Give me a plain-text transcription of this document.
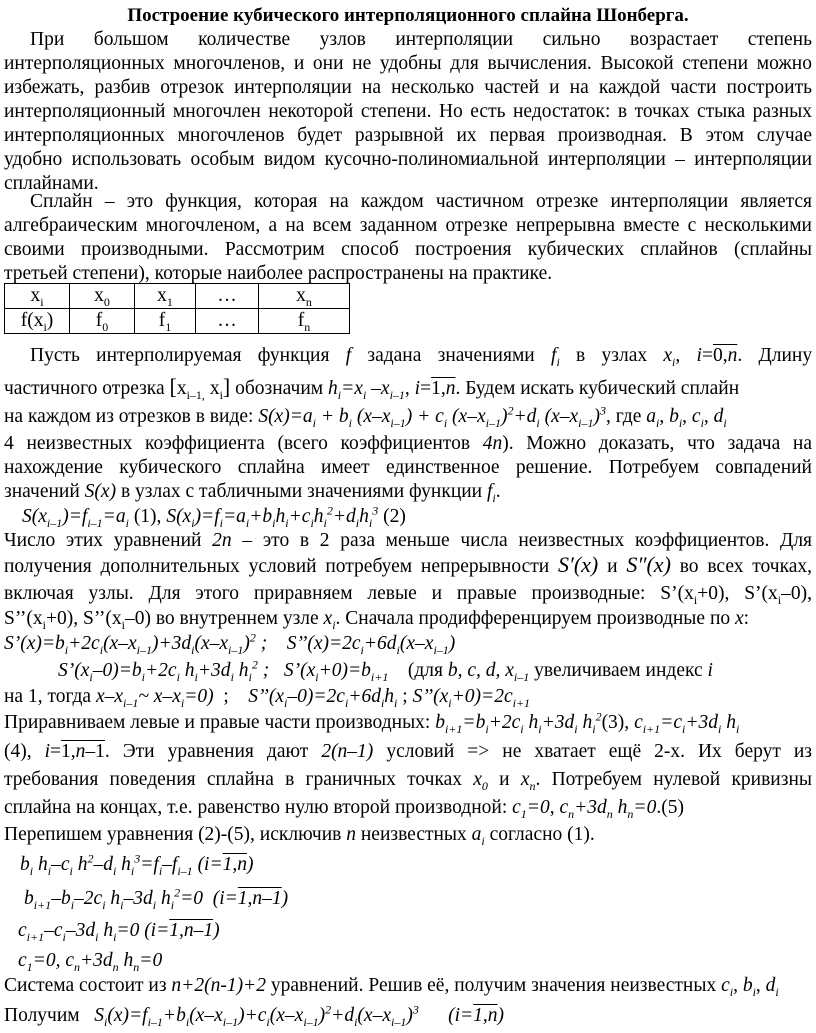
Построение кубического интерполяционного сплайна Шонберга.
При большом количестве узлов интерполяции сильно возрастает степень
интерполяционных многочленов, и они не удобны для вычисления. Высокой степени можно
избежать, разбив отрезок интерполяции на несколько частей и на каждой части построить
интерполяционный многочлен некоторой степени. Но есть недостаток: в точках стыка разных
интерполяционных многочленов будет разрывной их первая производная. В этом случае
удобно использовать особым видом кусочно-полиномиальной интерполяции – интерполяции
сплайнами.
Сплайн – это функция, которая на каждом частичном отрезке интерполяции является
алгебраическим многочленом, а на всем заданном отрезке непрерывна вместе с несколькими
своими производными. Рассмотрим способ построения кубических сплайнов (сплайны
третьей степени), которые наиболее распространены на практике.
$x_i$	$x_0$	$x_1$	…	$x_n$
$f(x_i)$	$f_0$	$f_1$	…	$f_n$
Пусть интерполируемая функция f задана значениями $f_i$ в узлах $x_i$, i=0,n. Длину
частичного отрезка [$x_{i-1,}$ $x_i$] обозначим $h_i=x_i$ $-x_{i-1}$, i=1,n. Будем искать кубический сплайн
на каждом из отрезков в виде: $S(x)=a_i + b_i$ $(x-x_{i-1}) + c_i$ $(x-x_{i-1})^2+d_i$ $(x-x_{i-1})^3$, где $a_i$, $b_i$, $c_i$, $d_i$
4 неизвестных коэффициента (всего коэффициентов 4n). Можно доказать, что задача на
нахождение кубического сплайна имеет единственное решение. Потребуем совпадений
значений S(x) в узлах с табличными значениями функции $f_i$.
$S(x_{i-1})=f_{i-1}=a_i$ (1), $S(x_i)=f_i=a_i+b_ih_i+c_ih_i^2+d_ih_i^3$ (2)
Число этих уравнений 2n – это в 2 раза меньше числа неизвестных коэффициентов. Для
получения дополнительных условий потребуем непрерывности S′(x) и S″(x) во всех точках,
включая узлы. Для этого приравняем левые и правые производные: $S’(x_i+0)$, $S’(x_i-0)$,
$S’’(x_i+0)$, $S’’(x_i-0)$ во внутреннем узле $x_i$. Сначала продифференцируем производные по x:
$S’(x)=b_i+2c_i(x-x_{i-1})+3d_i(x-x_{i-1})^2$ ;    $S’’(x)=2c_i+6d_i(x-x_{i-1})$
$S’(x_i-0)=b_i+2c_i$ $h_i+3d_i$ $h_i^2$ ;   $S’(x_i+0)=b_{i+1}$ (для b, c, d, $x_{i-1}$ увеличиваем индекс i
на 1, тогда $x-x_{i-1}\sim$ $x-x_i=0$)  ;    $S’’(x_i-0)=2c_i+6d_ih_i$ ; $S’’(x_i+0)=2c_{i+1}$
Приравниваем левые и правые части производных: $b_{i+1}=b_i+2c_i$ $h_i+3d_i$ $h_i^2(3)$, $c_{i+1}=c_i+3d_i$ $h_i$
(4), i=1,n–1. Эти уравнения дают 2(n–1) условий => не хватает ещё 2-х. Их берут из
требования поведения сплайна в граничных точках $x_0$ и $x_n$. Потребуем нулевой кривизны
сплайна на концах, т.е. равенство нулю второй производной: $c_1=0$, $c_n+3d_n$ $h_n=0.(5)$
Перепишем уравнения (2)-(5), исключив n неизвестных $a_i$ согласно (1).
$b_i$ $h_i-c_i$ $h^2-d_i$ $h_i^3=f_i-f_{i-1}$ (i=1,n)
$b_{i+1}-b_i-2c_i$ $h_i-3d_i$ $h_i^2=0$  (i=1,n–1)
$c_{i+1}-c_i-3d_i$ $h_i=0$ (i=1,n–1)
$c_1=0$, $c_n+3d_n$ $h_n=0$
Система состоит из n+2(n-1)+2 уравнений. Решив её, получим значения неизвестных $c_i$, $b_i$, $d_i$
Получим $S_i(x)=f_{i-1}+b_i(x-x_{i-1})+c_i(x-x_{i-1})^2+d_i(x-x_{i-1})^3$ (i=1,n)
